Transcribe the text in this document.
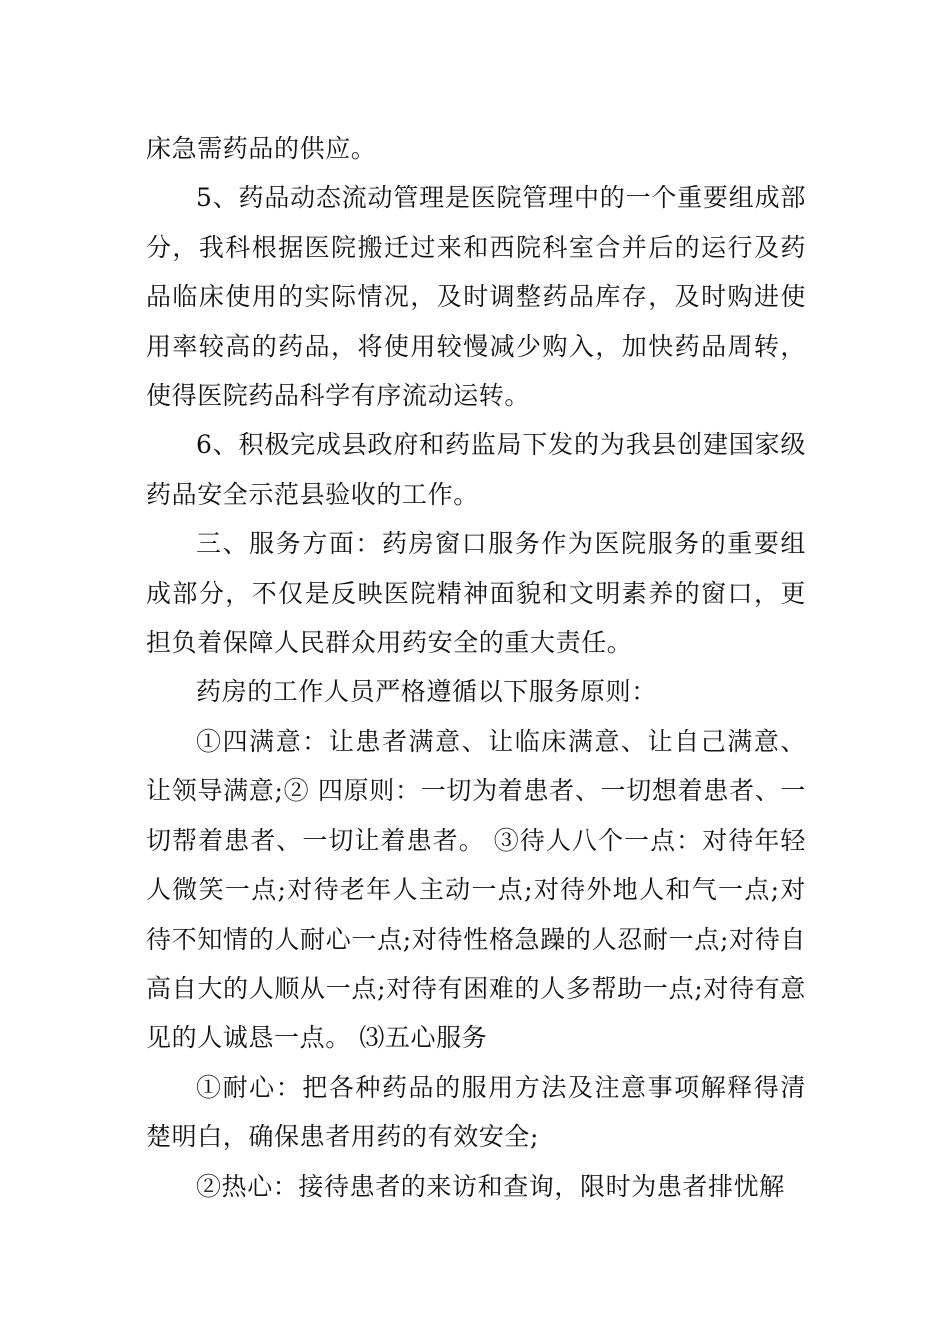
床急需药品的供应。

5、药品动态流动管理是医院管理中的一个重要组成部分，我科根据医院搬迁过来和西院科室合并后的运行及药品临床使用的实际情况，及时调整药品库存，及时购进使用率较高的药品，将使用较慢减少购入，加快药品周转，使得医院药品科学有序流动运转。

6、积极完成县政府和药监局下发的为我县创建国家级药品安全示范县验收的工作。

三、服务方面：药房窗口服务作为医院服务的重要组成部分，不仅是反映医院精神面貌和文明素养的窗口，更担负着保障人民群众用药安全的重大责任。

药房的工作人员严格遵循以下服务原则：

①四满意：让患者满意、让临床满意、让自己满意、让领导满意;② 四原则：一切为着患者、一切想着患者、一切帮着患者、一切让着患者。 ③待人八个一点：对待年轻人微笑一点;对待老年人主动一点;对待外地人和气一点;对待不知情的人耐心一点;对待性格急躁的人忍耐一点;对待自高自大的人顺从一点;对待有困难的人多帮助一点;对待有意见的人诚恳一点。 ⑶五心服务

①耐心：把各种药品的服用方法及注意事项解释得清楚明白，确保患者用药的有效安全;

②热心：接待患者的来访和查询，限时为患者排忧解
